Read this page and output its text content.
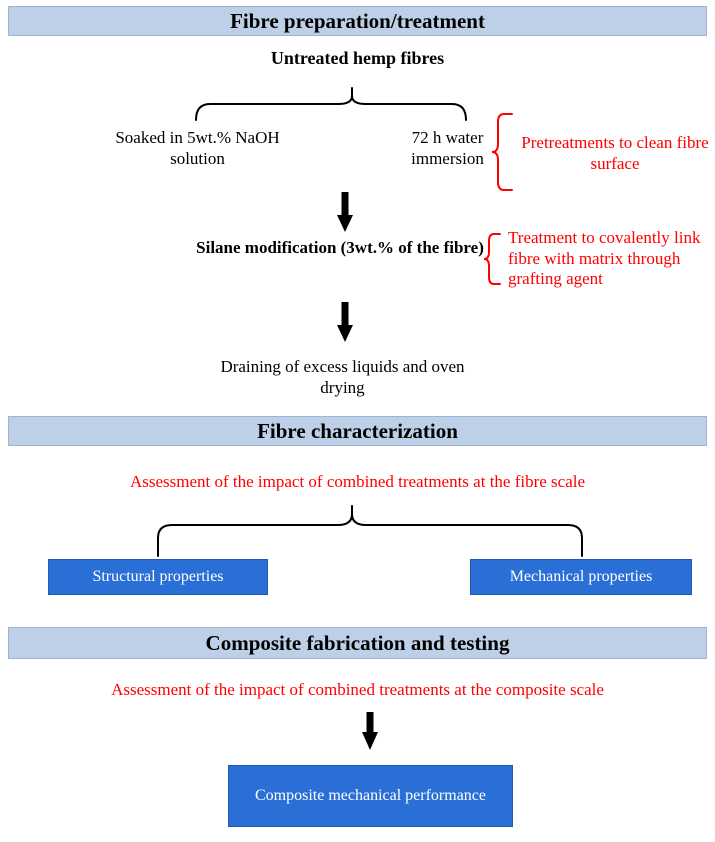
Fibre preparation/treatment
Untreated hemp fibres
Soaked in 5wt.% NaOH solution
72 h water immersion
Pretreatments to clean fibre surface
Silane modification (3wt.% of the fibre)
Treatment to covalently link fibre with matrix through grafting agent
Draining of excess liquids and oven drying
Fibre characterization
Assessment of the impact of combined treatments at the fibre scale
Structural properties	Mechanical properties
Composite fabrication and testing
Assessment of the impact of combined treatments at the composite scale
Composite mechanical performance
